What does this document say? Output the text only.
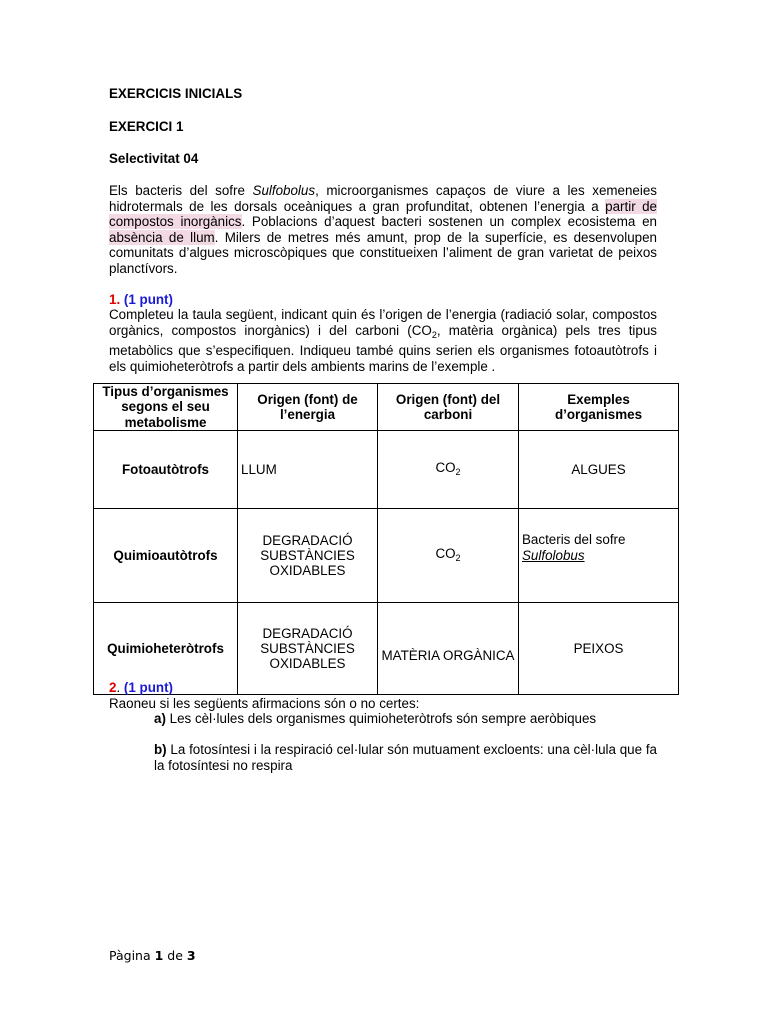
EXERCICIS INICIALS
EXERCICI 1
Selectivitat 04
Els bacteris del sofre Sulfobolus, microorganismes capaços de viure a les xemeneies hidrotermals de les dorsals oceàniques a gran profunditat, obtenen l’energia a partir de compostos inorgànics. Poblacions d’aquest bacteri sostenen un complex ecosistema en absència de llum. Milers de metres més amunt, prop de la superfície, es desenvolupen comunitats d’algues microscòpiques que constitueixen l’aliment de gran varietat de peixos planctívors.
1. (1 punt)
Completeu la taula següent, indicant quin és l’origen de l’energia (radiació solar, compostos orgànics, compostos inorgànics) i del carboni ($CO_2$, matèria orgànica) pels tres tipus metabòlics que s’especifiquen. Indiqueu també quins serien els organismes fotoautòtrofs i els quimioheteròtrofs a partir dels ambients marins de l’exemple .
Tipus d’organismes segons el seu metabolisme	Origen (font) de l’energia	Origen (font) del carboni	Exemples d’organismes
Fotoautòtrofs	LLUM	$CO_2$	ALGUES
Quimioautòtrofs	DEGRADACIÓ SUBSTÀNCIES OXIDABLES	$CO_2$	Bacteris del sofre
Sulfolobus

Quimioheteròtrofs	DEGRADACIÓ SUBSTÀNCIES OXIDABLES	MATÈRIA ORGÀNICA	PEIXOS
2. (1 punt)
Raoneu si les següents afirmacions són o no certes:
a) Les cèl·lules dels organismes quimioheteròtrofs són sempre aeròbiques
b) La fotosíntesi i la respiració cel·lular són mutuament excloents: una cèl·lula que fa la fotosíntesi no respira
Pàgina 1 de 3
